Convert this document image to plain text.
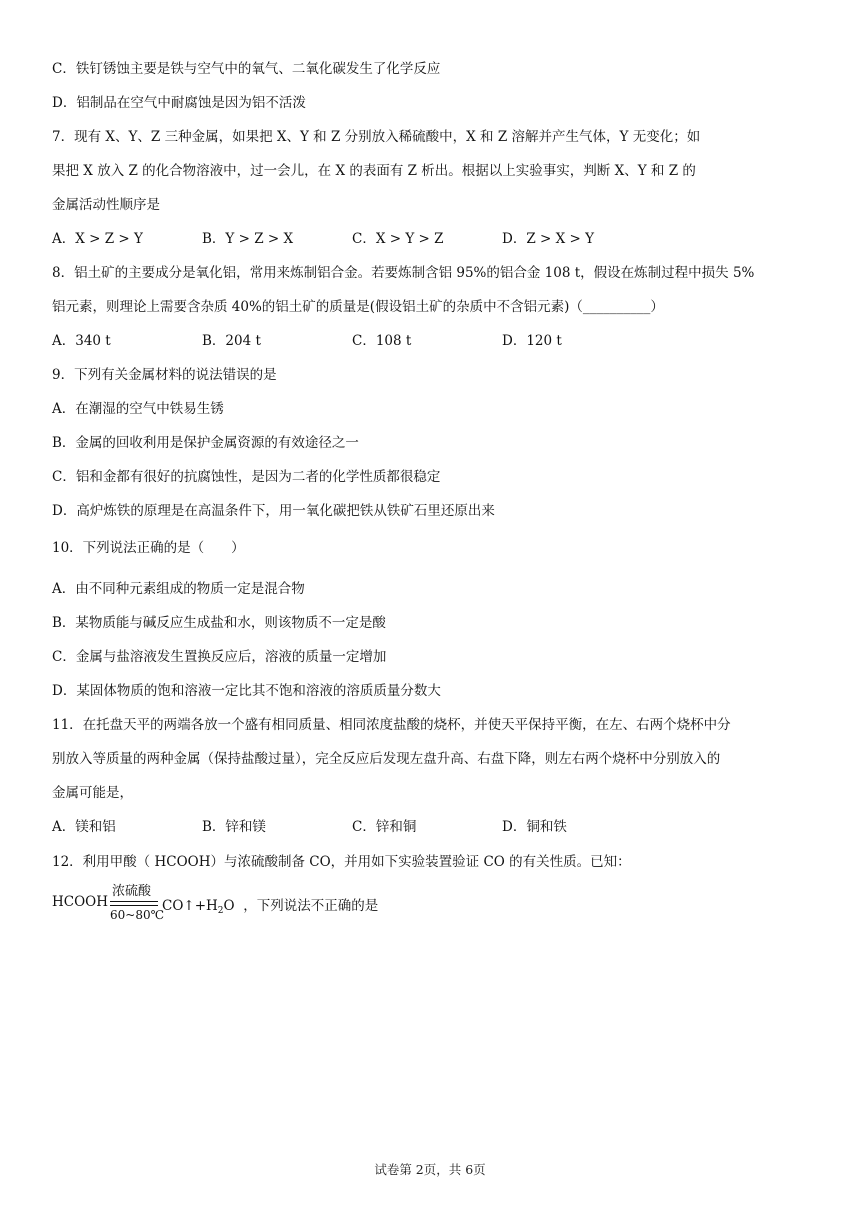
C．铁钉锈蚀主要是铁与空气中的氧气、二氧化碳发生了化学反应
D．铝制品在空气中耐腐蚀是因为铝不活泼
7．现有 X、Y、Z 三种金属，如果把 X、Y 和 Z 分别放入稀硫酸中，X 和 Z 溶解并产生气体，Y 无变化；如
果把 X 放入 Z 的化合物溶液中，过一会儿，在 X 的表面有 Z 析出。根据以上实验事实，判断 X、Y 和 Z 的
金属活动性顺序是
A．X > Z > Y	B．Y > Z > X	C．X > Y > Z	D．Z > X > Y
8．铝土矿的主要成分是氧化铝，常用来炼制铝合金。若要炼制含铝 95%的铝合金 108 t，假设在炼制过程中损失 5%
铝元素，则理论上需要含杂质 40%的铝土矿的质量是(假设铝土矿的杂质中不含铝元素)（__________）
A．340 t	B．204 t	C．108 t	D．120 t
9．下列有关金属材料的说法错误的是
A．在潮湿的空气中铁易生锈
B．金属的回收利用是保护金属资源的有效途径之一
C．铝和金都有很好的抗腐蚀性，是因为二者的化学性质都很稳定
D．高炉炼铁的原理是在高温条件下，用一氧化碳把铁从铁矿石里还原出来
10．下列说法正确的是（　　）
A．由不同种元素组成的物质一定是混合物
B．某物质能与碱反应生成盐和水，则该物质不一定是酸
C．金属与盐溶液发生置换反应后，溶液的质量一定增加
D．某固体物质的饱和溶液一定比其不饱和溶液的溶质质量分数大
11．在托盘天平的两端各放一个盛有相同质量、相同浓度盐酸的烧杯，并使天平保持平衡，在左、右两个烧杯中分
别放入等质量的两种金属（保持盐酸过量），完全反应后发现左盘升高、右盘下降，则左右两个烧杯中分别放入的
金属可能是，
A．镁和铝	B．锌和镁	C．锌和铜	D．铜和铁
12．利用甲酸（ HCOOH）与浓硫酸制备 CO，并用如下实验装置验证 CO 的有关性质。已知：
HCOOH
浓硫酸
60~80℃
$CO↑+H_2O$ ，下列说法不正确的是
试卷第 2页，共 6页
